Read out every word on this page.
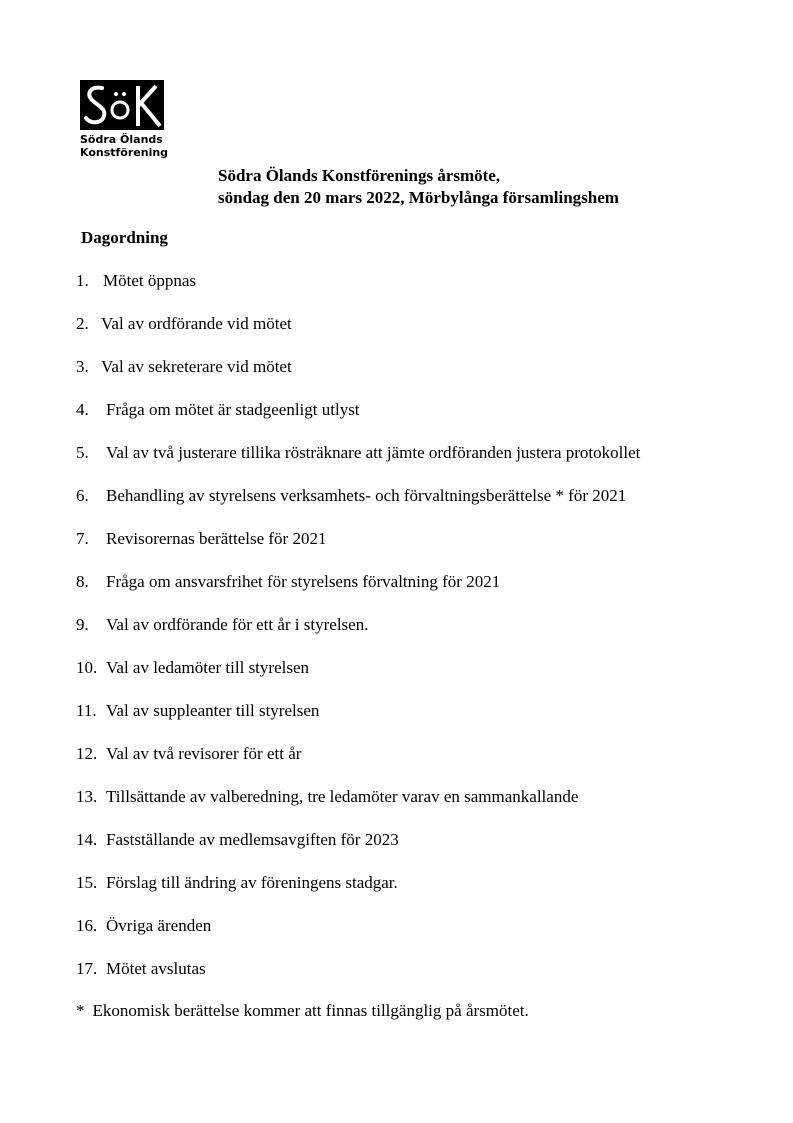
Södra Ölands
Konstförening
Södra Ölands Konstförenings årsmöte,
söndag den 20 mars 2022, Mörbylånga församlingshem
Dagordning
1. Mötet öppnas
2. Val av ordförande vid mötet
3. Val av sekreterare vid mötet
4. Fråga om mötet är stadgeenligt utlyst
5. Val av två justerare tillika rösträknare att jämte ordföranden justera protokollet
6. Behandling av styrelsens verksamhets- och förvaltningsberättelse * för 2021
7. Revisorernas berättelse för 2021
8. Fråga om ansvarsfrihet för styrelsens förvaltning för 2021
9. Val av ordförande för ett år i styrelsen.
10. Val av ledamöter till styrelsen
11. Val av suppleanter till styrelsen
12. Val av två revisorer för ett år
13. Tillsättande av valberedning, tre ledamöter varav en sammankallande
14. Fastställande av medlemsavgiften för 2023
15. Förslag till ändring av föreningens stadgar.
16. Övriga ärenden
17. Mötet avslutas
* Ekonomisk berättelse kommer att finnas tillgänglig på årsmötet.
